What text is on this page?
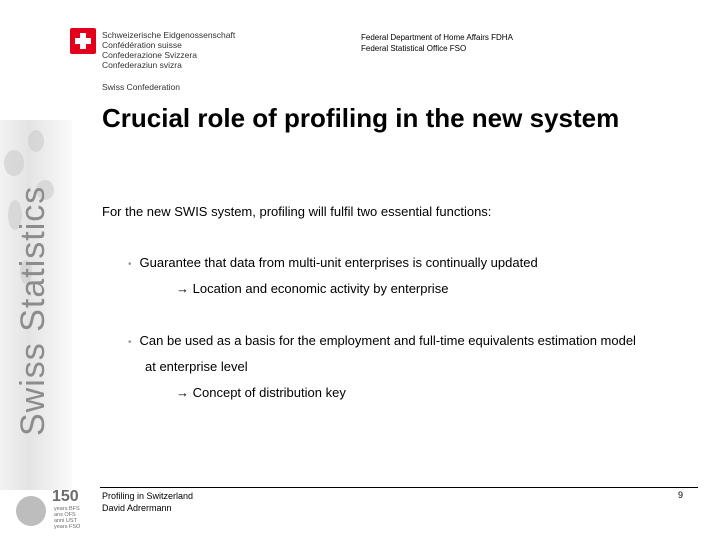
Swiss Statistics
Schweizerische Eidgenossenschaft
Confédération suisse
Confederazione Svizzera
Confederaziun svizra
Swiss Confederation
Federal Department of Home Affairs FDHA
Federal Statistical Office FSO
Crucial role of profiling in the new system
For the new SWIS system, profiling will fulfil two essential functions:
• Guarantee that data from multi-unit enterprises is continually updated
→ Location and economic activity by enterprise
• Can be used as a basis for the employment and full-time equivalents estimation model
at enterprise level
→ Concept of distribution key
150
years BFS
ans OFS
anni UST
years FSO
Profiling in Switzerland
David Adrermann
9
